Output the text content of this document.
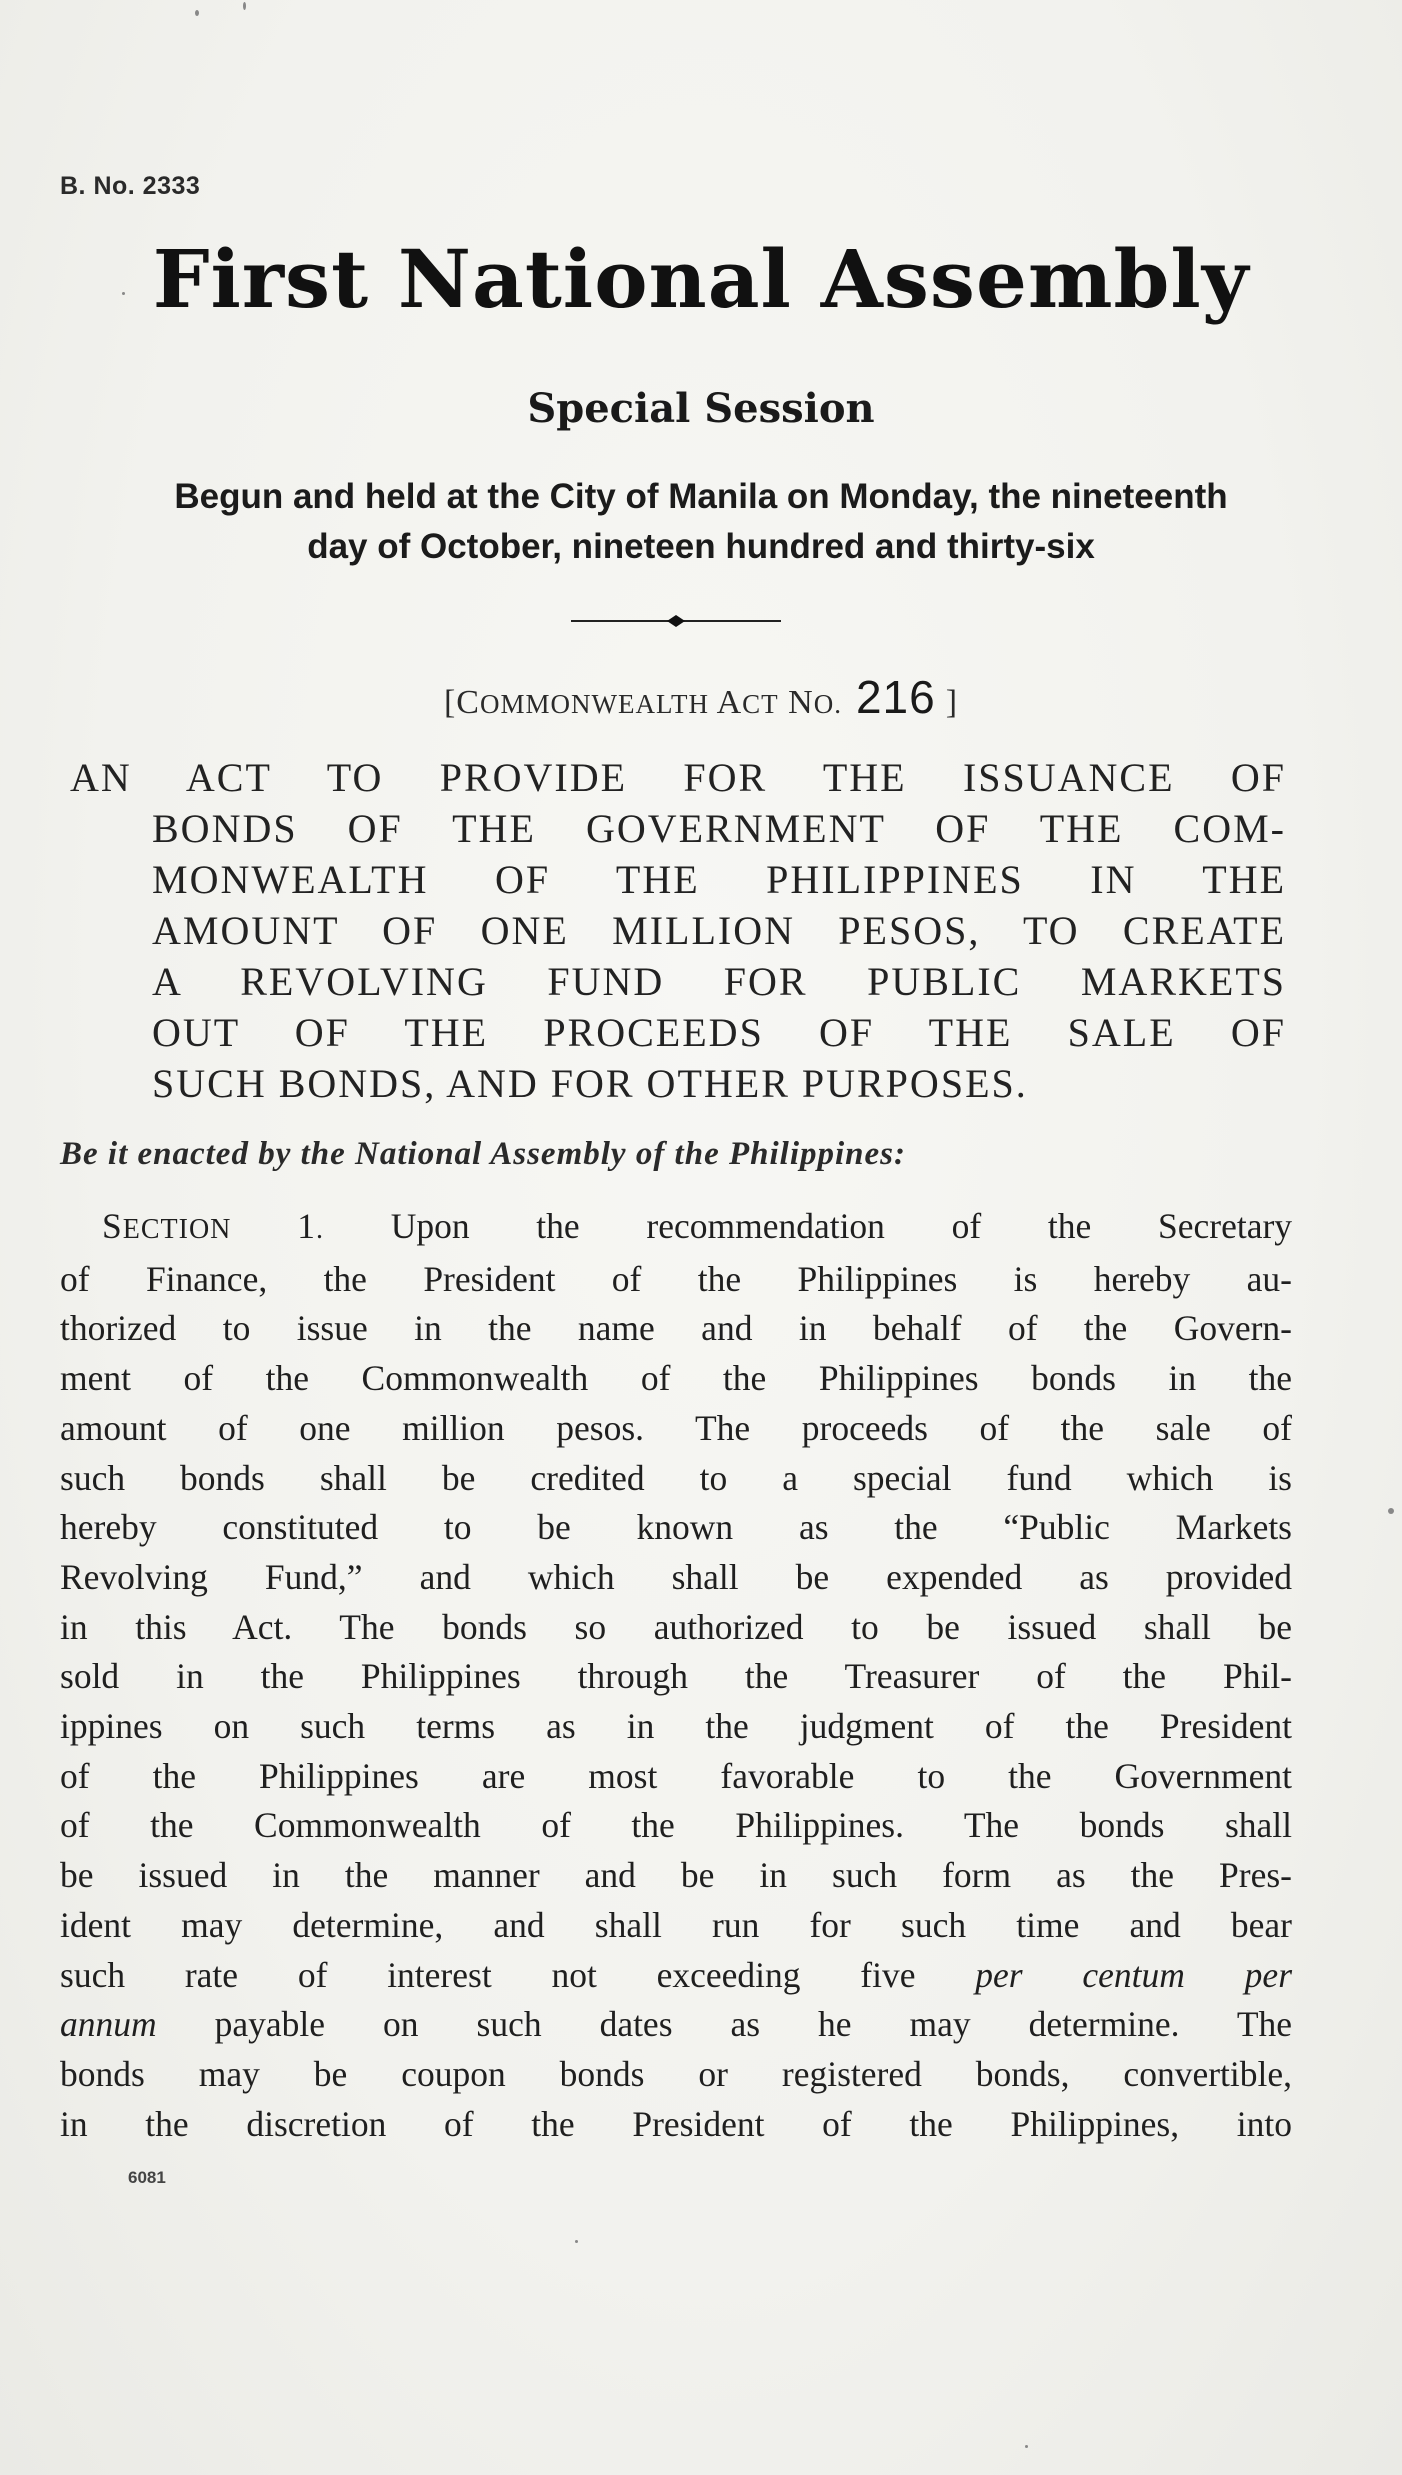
B. No. 2333
First National Assembly
Special Session
Begun and held at the City of Manila on Monday, the nineteenth
day of October, nineteen hundred and thirty-six
[COMMONWEALTH ACT NO. 216 ]
AN ACT TO PROVIDE FOR THE ISSUANCE OF
BONDS OF THE GOVERNMENT OF THE COM-
MONWEALTH OF THE PHILIPPINES IN THE
AMOUNT OF ONE MILLION PESOS, TO CREATE
A REVOLVING FUND FOR PUBLIC MARKETS
OUT OF THE PROCEEDS OF THE SALE OF
SUCH BONDS, AND FOR OTHER PURPOSES.
Be it enacted by the National Assembly of the Philippines:
SECTION 1. Upon the recommendation of the Secretary
of Finance, the President of the Philippines is hereby au-
thorized to issue in the name and in behalf of the Govern-
ment of the Commonwealth of the Philippines bonds in the
amount of one million pesos. The proceeds of the sale of
such bonds shall be credited to a special fund which is
hereby constituted to be known as the “Public Markets
Revolving Fund,” and which shall be expended as provided
in this Act. The bonds so authorized to be issued shall be
sold in the Philippines through the Treasurer of the Phil-
ippines on such terms as in the judgment of the President
of the Philippines are most favorable to the Government
of the Commonwealth of the Philippines. The bonds shall
be issued in the manner and be in such form as the Pres-
ident may determine, and shall run for such time and bear
such rate of interest not exceeding five per centum per
annum payable on such dates as he may determine. The
bonds may be coupon bonds or registered bonds, convertible,
in the discretion of the President of the Philippines, into
6081
